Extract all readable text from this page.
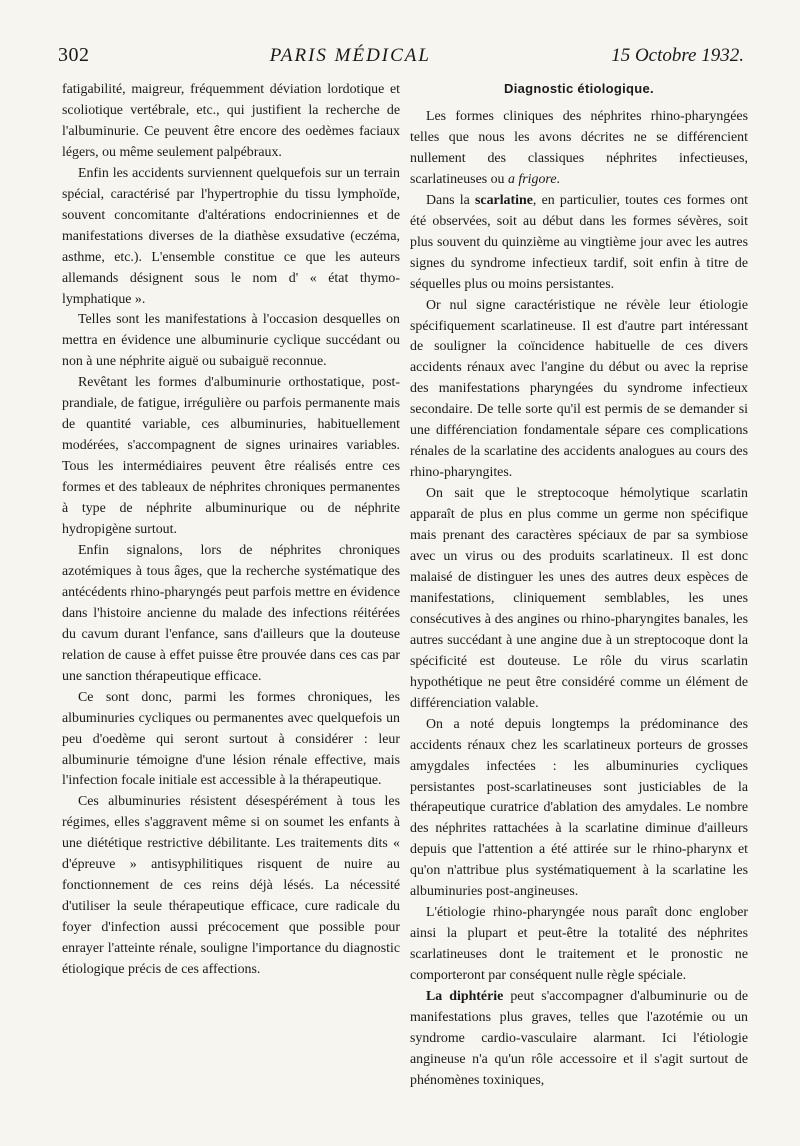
302	PARIS MÉDICAL	15 Octobre 1932.

fatigabilité, maigreur, fréquemment déviation lordotique et scoliotique vertébrale, etc., qui justifient la recherche de l'albuminurie. Ce peuvent être encore des oedèmes faciaux légers, ou même seulement palpébraux.

Enfin les accidents surviennent quelquefois sur un terrain spécial, caractérisé par l'hypertrophie du tissu lymphoïde, souvent concomitante d'altérations endocriniennes et de manifestations diverses de la diathèse exsudative (eczéma, asthme, etc.). L'ensemble constitue ce que les auteurs allemands désignent sous le nom d' « état thymo-lymphatique ».

Telles sont les manifestations à l'occasion desquelles on mettra en évidence une albuminurie cyclique succédant ou non à une néphrite aiguë ou subaiguë reconnue.

Revêtant les formes d'albuminurie orthostatique, post-prandiale, de fatigue, irrégulière ou parfois permanente mais de quantité variable, ces albuminuries, habituellement modérées, s'accompagnent de signes urinaires variables. Tous les intermédiaires peuvent être réalisés entre ces formes et des tableaux de néphrites chroniques permanentes à type de néphrite albuminurique ou de néphrite hydropigène surtout.

Enfin signalons, lors de néphrites chroniques azotémiques à tous âges, que la recherche systématique des antécédents rhino-pharyngés peut parfois mettre en évidence dans l'histoire ancienne du malade des infections réitérées du cavum durant l'enfance, sans d'ailleurs que la douteuse relation de cause à effet puisse être prouvée dans ces cas par une sanction thérapeutique efficace.

Ce sont donc, parmi les formes chroniques, les albuminuries cycliques ou permanentes avec quelquefois un peu d'oedème qui seront surtout à considérer : leur albuminurie témoigne d'une lésion rénale effective, mais l'infection focale initiale est accessible à la thérapeutique.

Ces albuminuries résistent désespérément à tous les régimes, elles s'aggravent même si on soumet les enfants à une diététique restrictive débilitante. Les traitements dits « d'épreuve » antisyphilitiques risquent de nuire au fonctionnement de ces reins déjà lésés. La nécessité d'utiliser la seule thérapeutique efficace, cure radicale du foyer d'infection aussi précocement que possible pour enrayer l'atteinte rénale, souligne l'importance du diagnostic étiologique précis de ces affections.

Diagnostic étiologique.

Les formes cliniques des néphrites rhino-pharyngées telles que nous les avons décrites ne se différencient nullement des classiques néphrites infectieuses, scarlatineuses ou a frigore.

Dans la scarlatine, en particulier, toutes ces formes ont été observées, soit au début dans les formes sévères, soit plus souvent du quinzième au vingtième jour avec les autres signes du syndrome infectieux tardif, soit enfin à titre de séquelles plus ou moins persistantes.

Or nul signe caractéristique ne révèle leur étiologie spécifiquement scarlatineuse. Il est d'autre part intéressant de souligner la coïncidence habituelle de ces divers accidents rénaux avec l'angine du début ou avec la reprise des manifestations pharyngées du syndrome infectieux secondaire. De telle sorte qu'il est permis de se demander si une différenciation fondamentale sépare ces complications rénales de la scarlatine des accidents analogues au cours des rhino-pharyngites.

On sait que le streptocoque hémolytique scarlatin apparaît de plus en plus comme un germe non spécifique mais prenant des caractères spéciaux de par sa symbiose avec un virus ou des produits scarlatineux. Il est donc malaisé de distinguer les unes des autres deux espèces de manifestations, cliniquement semblables, les unes consécutives à des angines ou rhino-pharyngites banales, les autres succédant à une angine due à un streptocoque dont la spécificité est douteuse. Le rôle du virus scarlatin hypothétique ne peut être considéré comme un élément de différenciation valable.

On a noté depuis longtemps la prédominance des accidents rénaux chez les scarlatineux porteurs de grosses amygdales infectées : les albuminuries cycliques persistantes post-scarlatineuses sont justiciables de la thérapeutique curatrice d'ablation des amydales. Le nombre des néphrites rattachées à la scarlatine diminue d'ailleurs depuis que l'attention a été attirée sur le rhino-pharynx et qu'on n'attribue plus systématiquement à la scarlatine les albuminuries post-angineuses.

L'étiologie rhino-pharyngée nous paraît donc englober ainsi la plupart et peut-être la totalité des néphrites scarlatineuses dont le traitement et le pronostic ne comporteront par conséquent nulle règle spéciale.

La diphtérie peut s'accompagner d'albuminurie ou de manifestations plus graves, telles que l'azotémie ou un syndrome cardio-vasculaire alarmant. Ici l'étiologie angineuse n'a qu'un rôle accessoire et il s'agit surtout de phénomènes toxiniques,
